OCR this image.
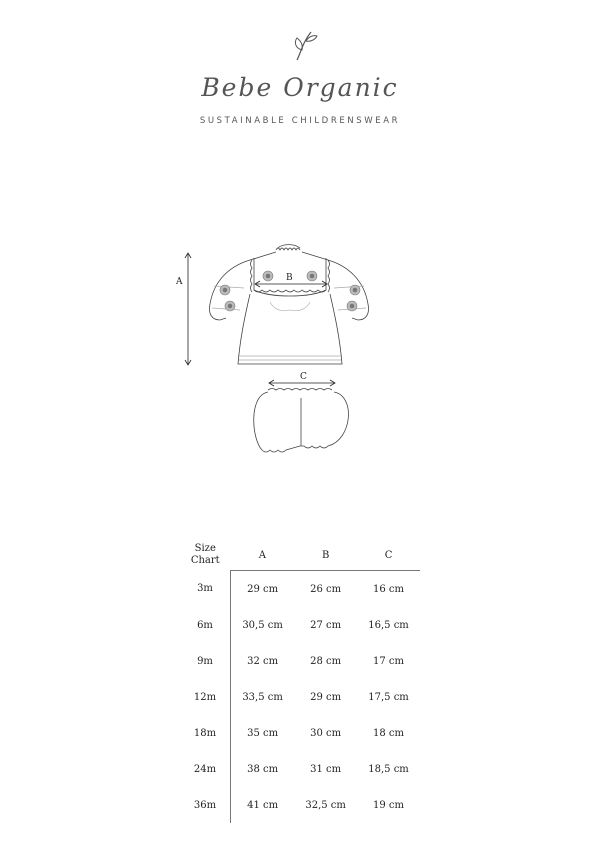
Bebe Organic
SUSTAINABLE CHILDRENSWEAR
A	B
C
Size
Chart	A	B	C
3m	29 cm	26 cm	16 cm
6m	30,5 cm	27 cm	16,5 cm
9m	32 cm	28 cm	17 cm
12m	33,5 cm	29 cm	17,5 cm
18m	35 cm	30 cm	18 cm
24m	38 cm	31 cm	18,5 cm
36m	41 cm	32,5 cm	19 cm
